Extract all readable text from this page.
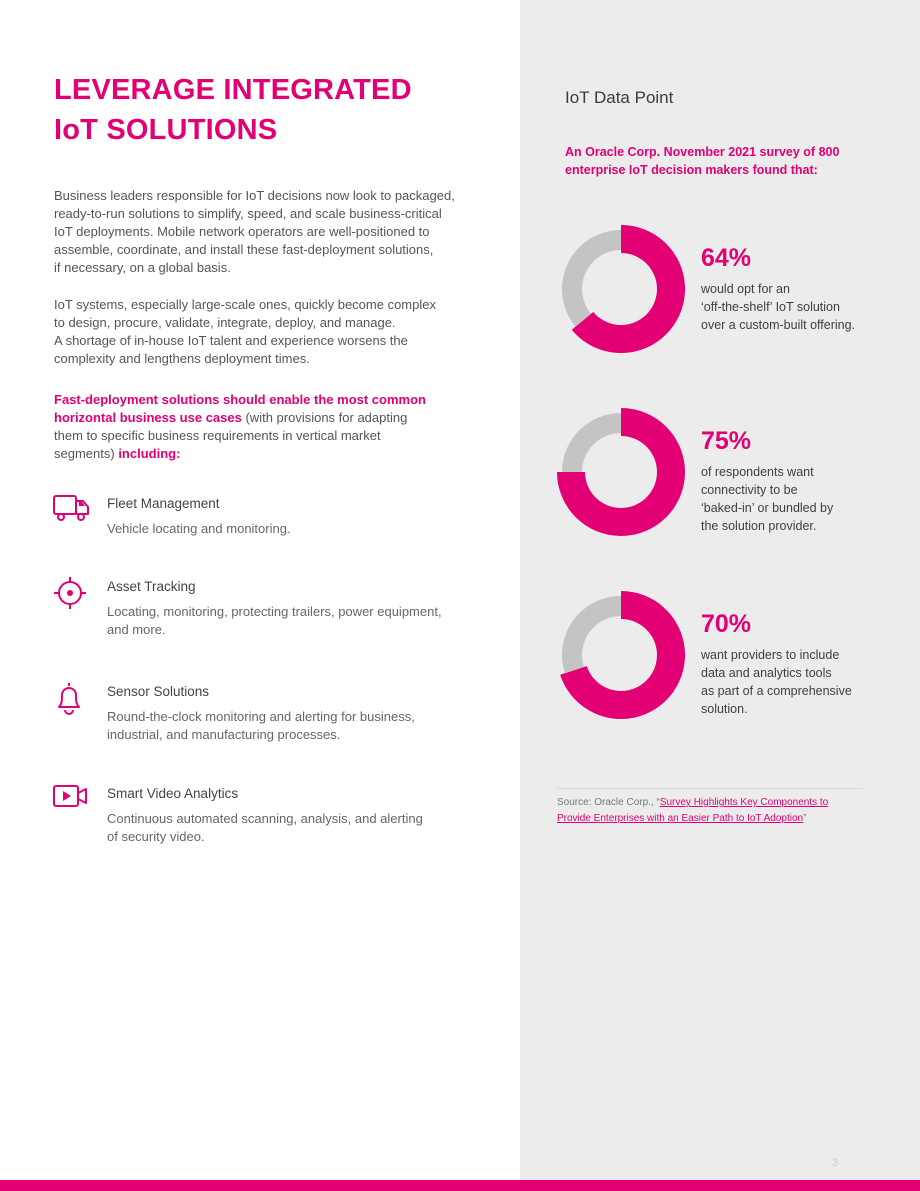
LEVERAGE INTEGRATED
IoT SOLUTIONS

Business leaders responsible for IoT decisions now look to packaged,
ready-to-run solutions to simplify, speed, and scale business-critical
IoT deployments. Mobile network operators are well-positioned to
assemble, coordinate, and install these fast-deployment solutions,
if necessary, on a global basis.

IoT systems, especially large-scale ones, quickly become complex
to design, procure, validate, integrate, deploy, and manage.
A shortage of in-house IoT talent and experience worsens the
complexity and lengthens deployment times.

Fast-deployment solutions should enable the most common
horizontal business use cases (with provisions for adapting
them to specific business requirements in vertical market
segments) including:

Fleet Management

Vehicle locating and monitoring.

Asset Tracking

Locating, monitoring, protecting trailers, power equipment,
and more.

Sensor Solutions

Round-the-clock monitoring and alerting for business,
industrial, and manufacturing processes.

Smart Video Analytics

Continuous automated scanning, analysis, and alerting
of security video.

IoT Data Point

An Oracle Corp. November 2021 survey of 800
enterprise IoT decision makers found that:

64%

would opt for an
‘off-the-shelf’ IoT solution
over a custom-built offering.

75%

of respondents want
connectivity to be
‘baked-in’ or bundled by
the solution provider.

70%

want providers to include
data and analytics tools
as part of a comprehensive
solution.

Source: Oracle Corp., “Survey Highlights Key Components to
Provide Enterprises with an Easier Path to IoT Adoption”

3
